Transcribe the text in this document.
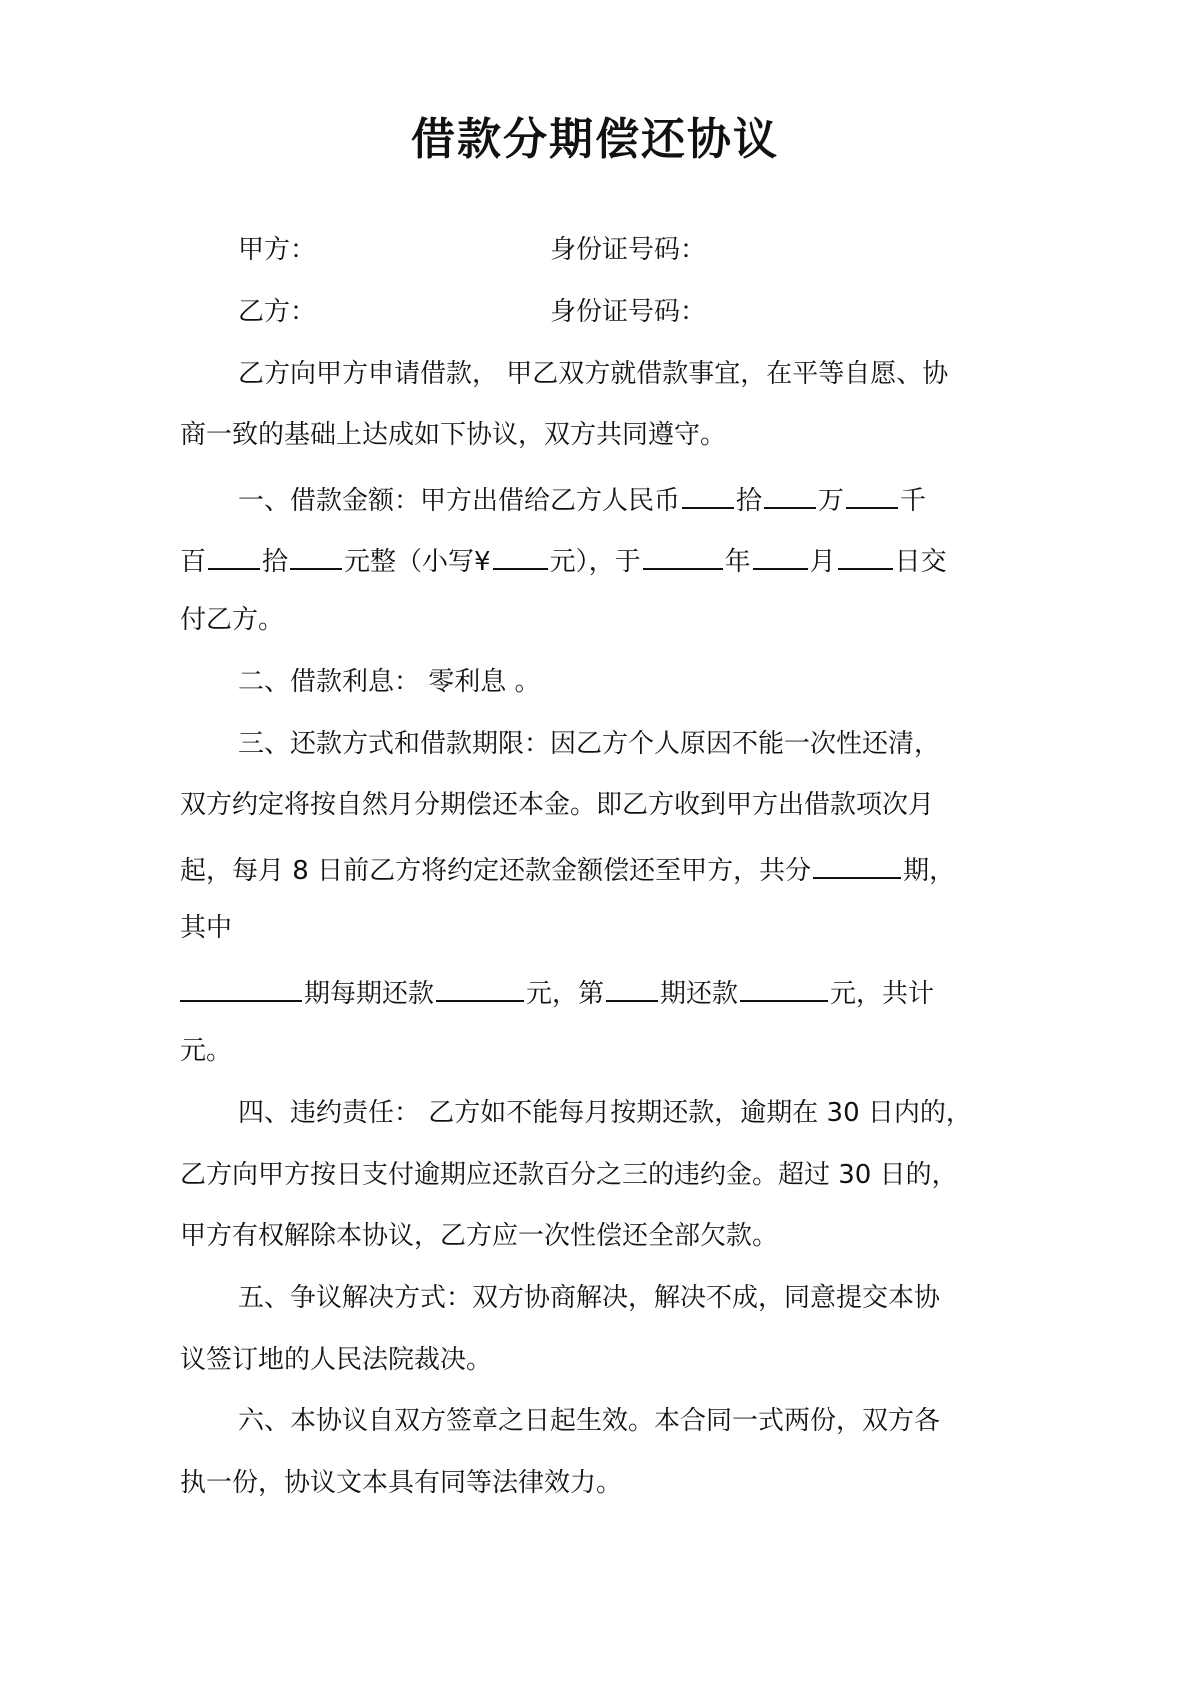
借款分期偿还协议
甲方：	身份证号码：
乙方：	身份证号码：
乙方向甲方申请借款， 甲乙双方就借款事宜，在平等自愿、协
商一致的基础上达成如下协议，双方共同遵守。
一、借款金额：甲方出借给乙方人民币 拾 万 千
百 拾 元整（小写¥ 元），于	年 月 日交
付乙方。
二、借款利息： 零利息 。
三、还款方式和借款期限：因乙方个人原因不能一次性还清，
双方约定将按自然月分期偿还本金。即乙方收到甲方出借款项次月
起，每月 8 日前乙方将约定还款金额偿还至甲方，共分	期，
其中
期每期还款	元，第 期还款	元，共计
元。
四、违约责任： 乙方如不能每月按期还款，逾期在 30 日内的，
乙方向甲方按日支付逾期应还款百分之三的违约金。超过 30 日的，
甲方有权解除本协议，乙方应一次性偿还全部欠款。
五、争议解决方式：双方协商解决，解决不成，同意提交本协
议签订地的人民法院裁决。
六、本协议自双方签章之日起生效。本合同一式两份，双方各
执一份，协议文本具有同等法律效力。
